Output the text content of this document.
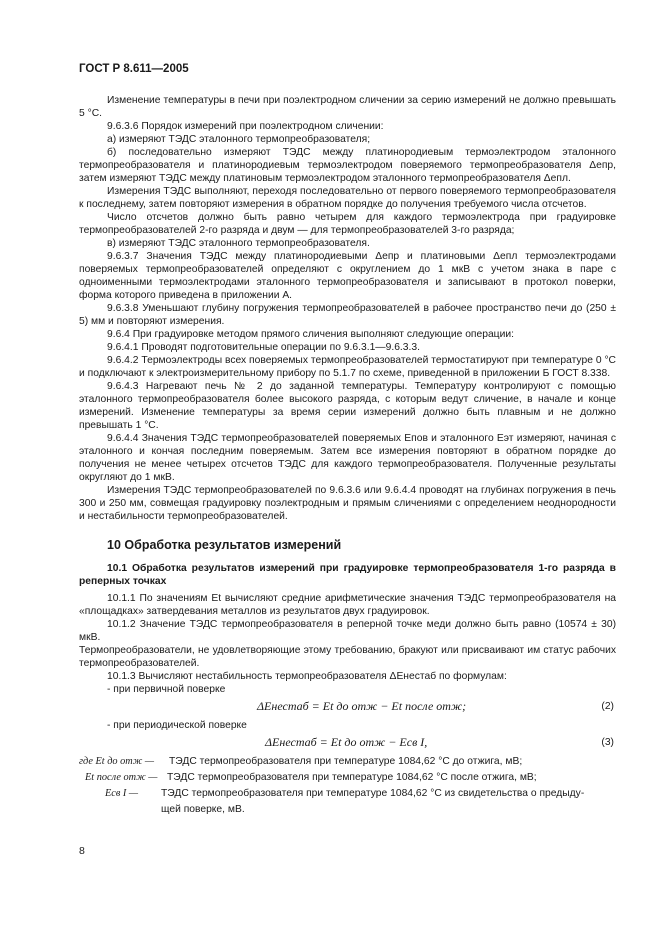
ГОСТ Р 8.611—2005

Изменение температуры в печи при поэлектродном сличении за серию измерений не должно превышать 5 °С.

9.6.3.6 Порядок измерений при поэлектродном сличении:

а) измеряют ТЭДС эталонного термопреобразователя;

б) последовательно измеряют ТЭДС между платинородиевым термоэлектродом эталонного термопреобразователя и платинородиевым термоэлектродом поверяемого термопреобразователя Δeпр, затем измеряют ТЭДС между платиновым термоэлектродом эталонного термопреобразователя Δeпл.

Измерения ТЭДС выполняют, переходя последовательно от первого поверяемого термопреобразователя к последнему, затем повторяют измерения в обратном порядке до получения требуемого числа отсчетов.

Число отсчетов должно быть равно четырем для каждого термоэлектрода при градуировке термопреобразователей 2-го разряда и двум — для термопреобразователей 3-го разряда;

в) измеряют ТЭДС эталонного термопреобразователя.

9.6.3.7 Значения ТЭДС между платинородиевыми Δeпр и платиновыми Δeпл термоэлектродами поверяемых термопреобразователей определяют с округлением до 1 мкВ с учетом знака в паре с одноименными термоэлектродами эталонного термопреобразователя и записывают в протокол поверки, форма которого приведена в приложении А.

9.6.3.8 Уменьшают глубину погружения термопреобразователей в рабочее пространство печи до (250 ± 5) мм и повторяют измерения.

9.6.4 При градуировке методом прямого сличения выполняют следующие операции:

9.6.4.1 Проводят подготовительные операции по 9.6.3.1—9.6.3.3.

9.6.4.2 Термоэлектроды всех поверяемых термопреобразователей термостатируют при температуре 0 °С и подключают к электроизмерительному прибору по 5.1.7 по схеме, приведенной в приложении Б ГОСТ 8.338.

9.6.4.3 Нагревают печь № 2 до заданной температуры. Температуру контролируют с помощью эталонного термопреобразователя более высокого разряда, с которым ведут сличение, в начале и конце измерений. Изменение температуры за время серии измерений должно быть плавным и не должно превышать 1 °С.

9.6.4.4 Значения ТЭДС термопреобразователей поверяемых Eпов и эталонного Eэт измеряют, начиная с эталонного и кончая последним поверяемым. Затем все измерения повторяют в обратном порядке до получения не менее четырех отсчетов ТЭДС для каждого термопреобразователя. Полученные результаты округляют до 1 мкВ.

Измерения ТЭДС термопреобразователей по 9.6.3.6 или 9.6.4.4 проводят на глубинах погружения в печь 300 и 250 мм, совмещая градуировку поэлектродным и прямым сличениями с определением неоднородности и нестабильности термопреобразователей.

10 Обработка результатов измерений

10.1 Обработка результатов измерений при градуировке термопреобразователя 1-го разряда в реперных точках

10.1.1 По значениям Et вычисляют средние арифметические значения ТЭДС термопреобразователя на «площадках» затвердевания металлов из результатов двух градуировок.

10.1.2 Значение ТЭДС термопреобразователя в реперной точке меди должно быть равно (10574 ± 30) мкВ.

Термопреобразователи, не удовлетворяющие этому требованию, бракуют или присваивают им статус рабочих термопреобразователей.

10.1.3 Вычисляют нестабильность термопреобразователя ΔEнестаб по формулам:

- при первичной поверке

ΔEнестаб = Et до отж − Et после отж;	(2)

- при периодической поверке

ΔEнестаб = Et до отж − Eсв I,	(3)
где Et до отж — ТЭДС термопреобразователя при температуре 1084,62 °С до отжига, мВ;
Et после отж — ТЭДС термопреобразователя при температуре 1084,62 °С после отжига, мВ;
Eсв I — ТЭДС термопреобразователя при температуре 1084,62 °С из свидетельства о предыду-
щей поверке, мВ.
8
